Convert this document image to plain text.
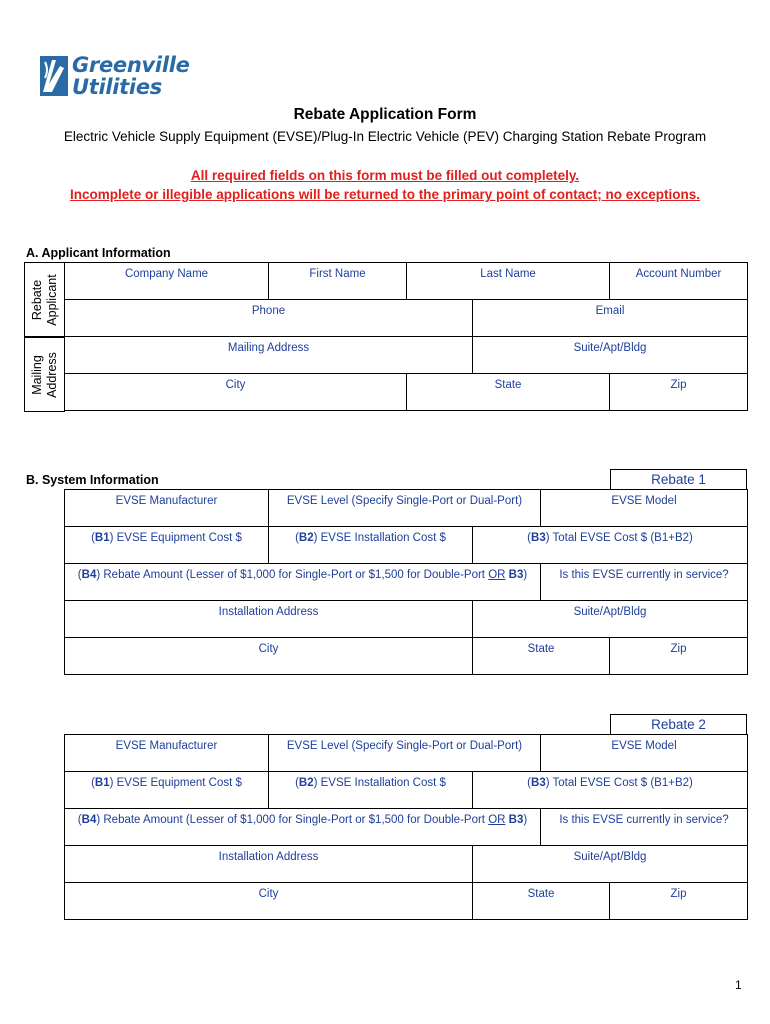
Greenville
Utilities
Rebate Application Form
Electric Vehicle Supply Equipment (EVSE)/Plug-In Electric Vehicle (PEV) Charging Station Rebate Program
All required fields on this form must be filled out completely.
Incomplete or illegible applications will be returned to the primary point of contact; no exceptions.
A. Applicant Information
Rebate
Applicant
Mailing
Address
Company Name	First Name	Last Name		Account Number

Phone			Email	

Mailing Address			Suite/Apt/Bldg	

City		State		Zip
B. System Information	Rebate 1
EVSE Manufacturer	EVSE Level (Specify Single-Port or Dual-Port)		EVSE Model	

(B1) EVSE Equipment Cost $	(B2) EVSE Installation Cost $	(B3) Total EVSE Cost $ (B1+B2)		

(B4) Rebate Amount (Lesser of $1,000 for Single-Port or $1,500 for Double-Port OR B3)			Is this EVSE currently in service?	

Installation Address		Suite/Apt/Bldg		

City		State		Zip
Rebate 2
EVSE Manufacturer	EVSE Level (Specify Single-Port or Dual-Port)		EVSE Model	

(B1) EVSE Equipment Cost $	(B2) EVSE Installation Cost $	(B3) Total EVSE Cost $ (B1+B2)		

(B4) Rebate Amount (Lesser of $1,000 for Single-Port or $1,500 for Double-Port OR B3)			Is this EVSE currently in service?	

Installation Address		Suite/Apt/Bldg		

City		State		Zip
1
